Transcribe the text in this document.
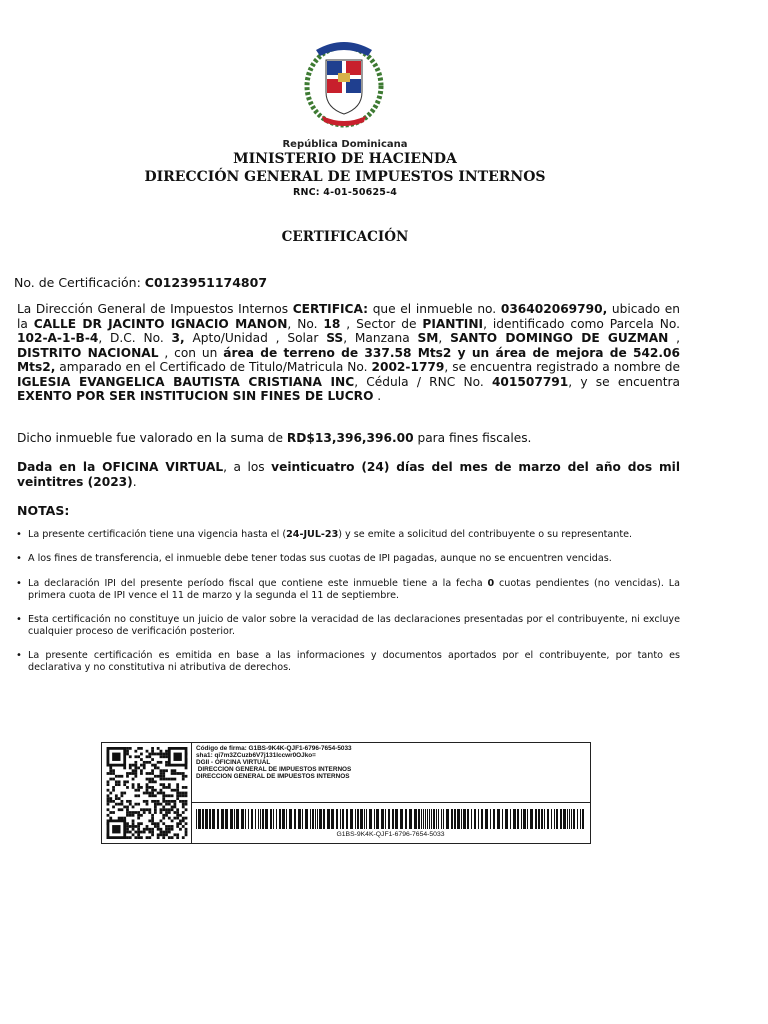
República Dominicana
MINISTERIO DE HACIENDA
DIRECCIÓN GENERAL DE IMPUESTOS INTERNOS
RNC: 4-01-50625-4
CERTIFICACIÓN
No. de Certificación: C0123951174807
La Dirección General de Impuestos Internos CERTIFICA: que el inmueble no. 036402069790, ubicado en la CALLE DR JACINTO IGNACIO MANON, No. 18 , Sector de PIANTINI, identificado como Parcela No. 102-A-1-B-4, D.C. No. 3, Apto/Unidad , Solar SS, Manzana SM, SANTO DOMINGO DE GUZMAN , DISTRITO NACIONAL , con un área de terreno de 337.58 Mts2 y un área de mejora de 542.06 Mts2, amparado en el Certificado de Titulo/Matricula No. 2002-1779, se encuentra registrado a nombre de IGLESIA EVANGELICA BAUTISTA CRISTIANA INC, Cédula / RNC No. 401507791, y se encuentra EXENTO POR SER INSTITUCION SIN FINES DE LUCRO .
Dicho inmueble fue valorado en la suma de RD$13,396,396.00 para fines fiscales.
Dada en la OFICINA VIRTUAL, a los veinticuatro (24) días del mes de marzo del año dos mil veintitres (2023).
NOTAS:
• La presente certificación tiene una vigencia hasta el (24-JUL-23) y se emite a solicitud del contribuyente o su representante.
• A los fines de transferencia, el inmueble debe tener todas sus cuotas de IPI pagadas, aunque no se encuentren vencidas.
• La declaración IPI del presente período fiscal que contiene este inmueble tiene a la fecha 0 cuotas pendientes (no vencidas). La primera cuota de IPI vence el 11 de marzo y la segunda el 11 de septiembre.
• Esta certificación no constituye un juicio de valor sobre la veracidad de las declaraciones presentadas por el contribuyente, ni excluye cualquier proceso de verificación posterior.
• La presente certificación es emitida en base a las informaciones y documentos aportados por el contribuyente, por tanto es declarativa y no constitutiva ni atributiva de derechos.
Código de firma: G1BS-9K4K-QJF1-6796-7654-5033
sha1: qi7m3ZCuzb6V7j131lccwr0OJko=
DGII - OFICINA VIRTUAL
DIRECCION GENERAL DE IMPUESTOS INTERNOS
DIRECCION GENERAL DE IMPUESTOS INTERNOS
G1BS-9K4K-QJF1-6796-7654-5033
